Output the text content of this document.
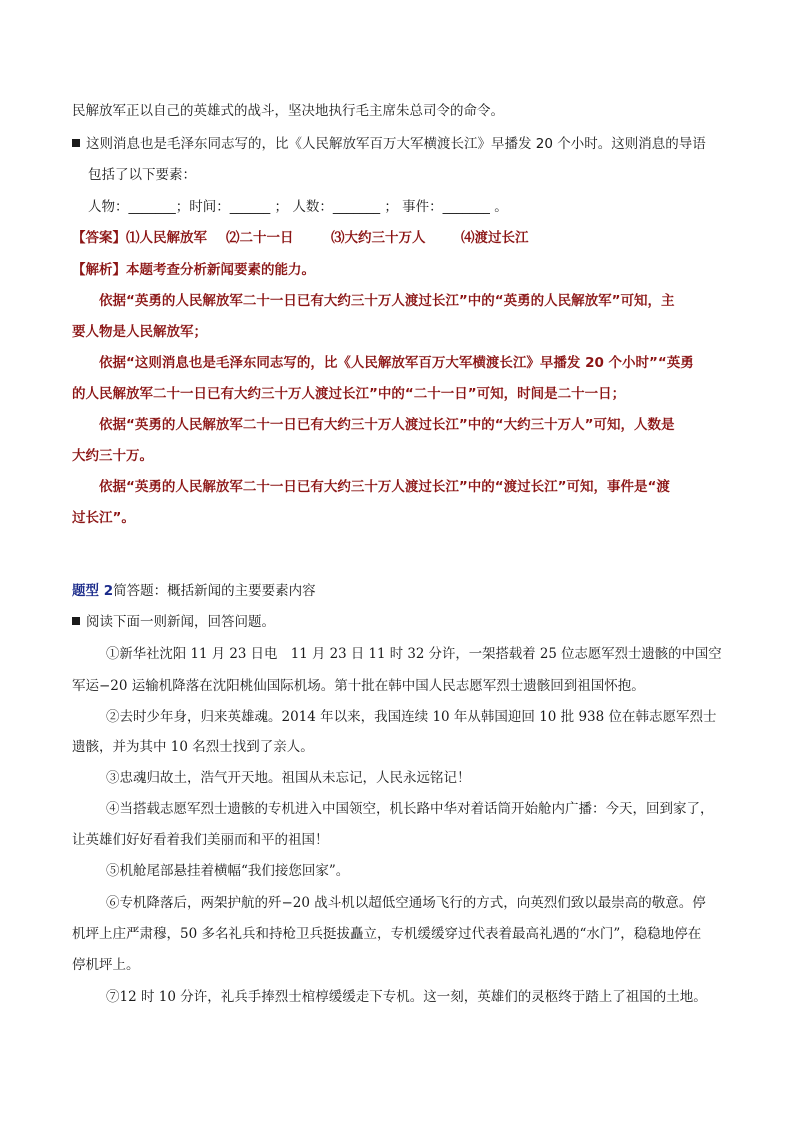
民解放军正以自己的英雄式的战斗，坚决地执行毛主席朱总司令的命令。
这则消息也是毛泽东同志写的，比《人民解放军百万大军横渡长江》早播发 20 个小时。这则消息的导语
包括了以下要素：
人物：_______；时间：______ ； 人数：_______ ； 事件：_______ 。
【答案】⑴人民解放军 ⑵二十一日	⑶大约三十万人	⑷渡过长江
【解析】本题考查分析新闻要素的能力。
依据“英勇的人民解放军二十一日已有大约三十万人渡过长江”中的“英勇的人民解放军”可知，主
要人物是人民解放军；
依据“这则消息也是毛泽东同志写的，比《人民解放军百万大军横渡长江》早播发 20 个小时”“英勇
的人民解放军二十一日已有大约三十万人渡过长江”中的“二十一日”可知，时间是二十一日；
依据“英勇的人民解放军二十一日已有大约三十万人渡过长江”中的“大约三十万人”可知，人数是
大约三十万。
依据“英勇的人民解放军二十一日已有大约三十万人渡过长江”中的“渡过长江”可知，事件是“渡
过长江”。
题型 2简答题：概括新闻的主要要素内容
阅读下面一则新闻，回答问题。
①新华社沈阳 11 月 23 日电　11 月 23 日 11 时 32 分许，一架搭载着 25 位志愿军烈士遗骸的中国空
军运−20 运输机降落在沈阳桃仙国际机场。第十批在韩中国人民志愿军烈士遗骸回到祖国怀抱。
②去时少年身，归来英雄魂。2014 年以来，我国连续 10 年从韩国迎回 10 批 938 位在韩志愿军烈士
遗骸，并为其中 10 名烈士找到了亲人。
③忠魂归故土，浩气开天地。祖国从未忘记，人民永远铭记！
④当搭载志愿军烈士遗骸的专机进入中国领空，机长路中华对着话筒开始舱内广播：今天，回到家了，
让英雄们好好看着我们美丽而和平的祖国！
⑤机舱尾部悬挂着横幅“我们接您回家”。
⑥专机降落后，两架护航的歼−20 战斗机以超低空通场飞行的方式，向英烈们致以最崇高的敬意。停
机坪上庄严肃穆，50 多名礼兵和持枪卫兵挺拔矗立，专机缓缓穿过代表着最高礼遇的“水门”，稳稳地停在
停机坪上。
⑦12 时 10 分许，礼兵手捧烈士棺椁缓缓走下专机。这一刻，英雄们的灵柩终于踏上了祖国的土地。
